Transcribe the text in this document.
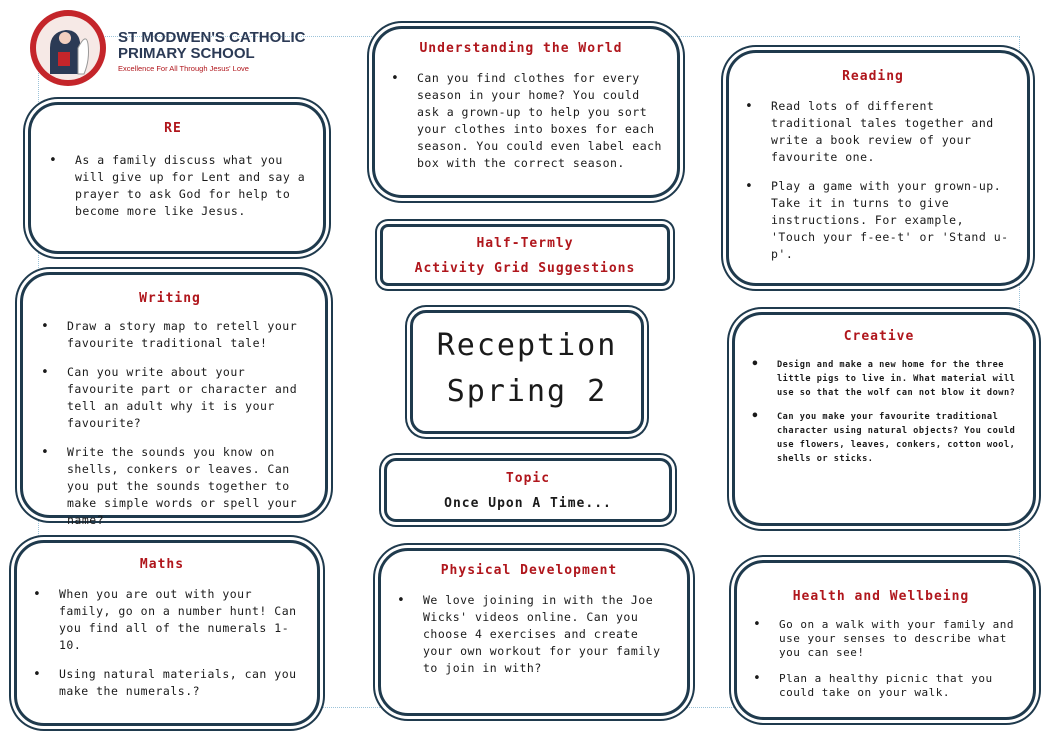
ST MODWEN'S CATHOLIC
PRIMARY SCHOOL
Excellence For All Through Jesus' Love
RE
• As a family discuss what you will give up for Lent and say a prayer to ask God for help to become more like Jesus.
Writing
• Draw a story map to retell your favourite traditional tale!
• Can you write about your favourite part or character and tell an adult why it is your favourite?
• Write the sounds you know on shells, conkers or leaves. Can you put the sounds together to make simple words or spell your name?
Maths
• When you are out with your family, go on a number hunt! Can you find all of the numerals 1-10.
• Using natural materials, can you make the numerals.?
Understanding the World
• Can you find clothes for every season in your home? You could ask a grown-up to help you sort your clothes into boxes for each season. You could even label each box with the correct season.
Half-Termly
Activity Grid Suggestions
Reception
Spring 2
Topic
Once Upon A Time...
Physical Development
• We love joining in with the Joe Wicks' videos online. Can you choose 4 exercises and create your own workout for your family to join in with?
Reading
• Read lots of different traditional tales together and write a book review of your favourite one.
• Play a game with your grown-up. Take it in turns to give instructions. For example, 'Touch your f-ee-t' or 'Stand u-p'.
Creative
• Design and make a new home for the three little pigs to live in. What material will use so that the wolf can not blow it down?
• Can you make your favourite traditional character using natural objects? You could use flowers, leaves, conkers, cotton wool, shells or sticks.
Health and Wellbeing
• Go on a walk with your family and use your senses to describe what you can see!
• Plan a healthy picnic that you could take on your walk.
